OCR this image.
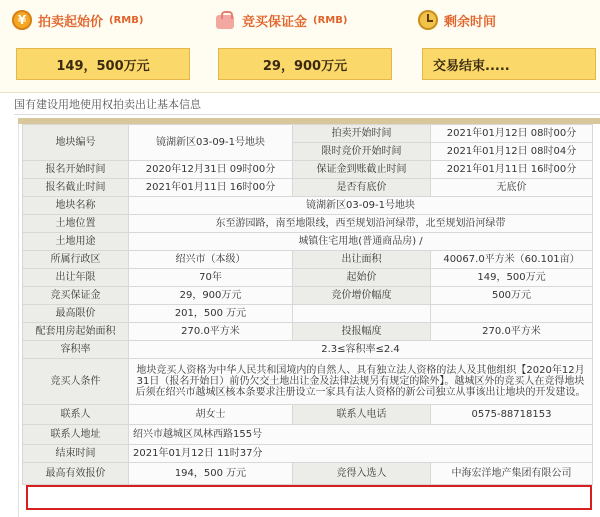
¥
拍卖起始价 (RMB)
149，500万元
竞买保证金 (RMB)
29，900万元
剩余时间
交易结束.....
国有建设用地使用权拍卖出让基本信息
地块编号	镜湖新区03-09-1号地块	拍卖开始时间	2021年01月12日 08时00分
		限时竞价开始时间	2021年01月12日 08时04分
报名开始时间	2020年12月31日 09时00分	保证金到账截止时间	2021年01月11日 16时00分
报名截止时间	2021年01月11日 16时00分	是否有底价	无底价
地块名称	镜湖新区03-09-1号地块		
土地位置	东至游园路，南至地限线，西至规划沿河绿带，北至规划沿河绿带		
土地用途	城镇住宅用地(普通商品房) /		
所属行政区	绍兴市（本级）	出让面积	40067.0平方米（60.101亩）
出让年限	70年	起始价	149，500万元
竞买保证金	29，900万元	竞价增价幅度	500万元
最高限价	201，500 万元		
配套用房起始面积	270.0平方米	投报幅度	270.0平方米
容积率	2.3≤容积率≤2.4		
竞买人条件	地块竞买人资格为中华人民共和国境内的自然人、具有独立法人资格的法人及其他组织【2020年12月31日（报名开始日）前仍欠交土地出让金及法律法规另有规定的除外】。越城区外的竞买人在竞得地块后须在绍兴市越城区核本条要求注册设立一家具有法人资格的新公司独立从事该出让地块的开发建设。		
联系人	胡女士	联系人电话	0575-88718153
联系人地址	绍兴市越城区凤林西路155号		
结束时间	2021年01月12日 11时37分		
最高有效报价	194，500 万元	竞得入选人	中海宏洋地产集团有限公司
